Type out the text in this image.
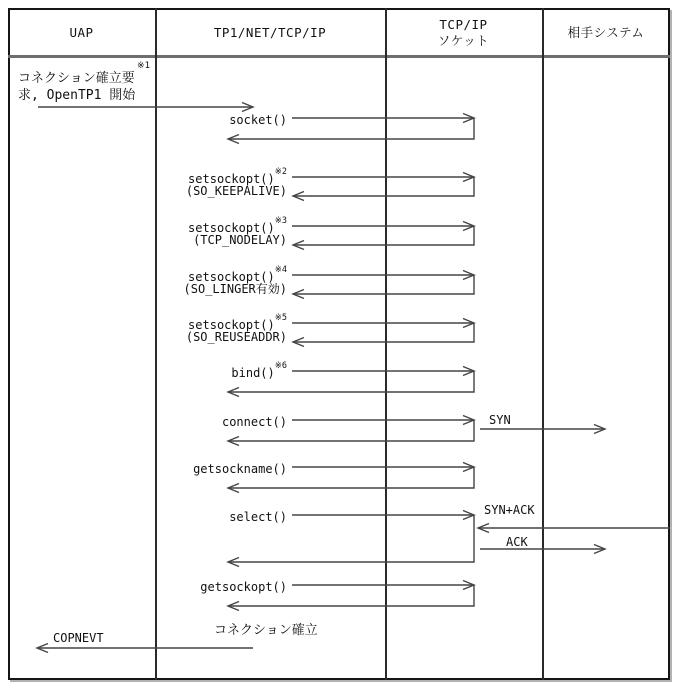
UAP	TP1/NET/TCP/IP
TCP/IP
ソケット
相手システム
※1
コネクション確立要
求, OpenTP1 開始
SYN
SYN+ACK
ACK
コネクション確立
COPNEVT
socket()
setsockopt()$^{※2}$
(SO_KEEPALIVE)
setsockopt()$^{※3}$
(TCP_NODELAY)
setsockopt()$^{※4}$
(SO_LINGER有効)
setsockopt()$^{※5}$
(SO_REUSEADDR)
bind()$^{※6}$
connect()
getsockname()
select()
getsockopt()
